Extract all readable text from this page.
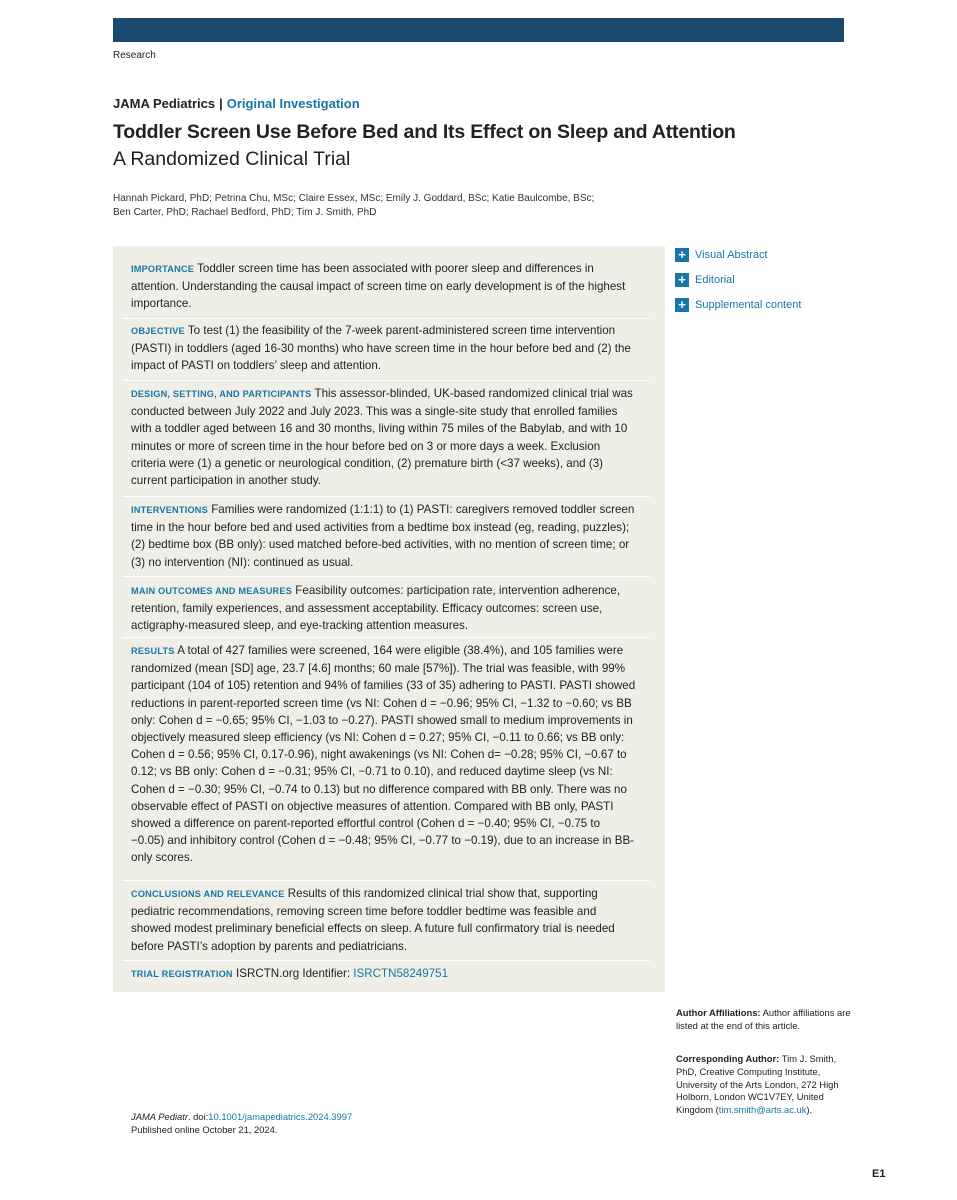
Research
JAMA Pediatrics | Original Investigation
Toddler Screen Use Before Bed and Its Effect on Sleep and Attention
A Randomized Clinical Trial
Hannah Pickard, PhD; Petrina Chu, MSc; Claire Essex, MSc; Emily J. Goddard, BSc; Katie Baulcombe, BSc;
Ben Carter, PhD; Rachael Bedford, PhD; Tim J. Smith, PhD
IMPORTANCE Toddler screen time has been associated with poorer sleep and differences in attention. Understanding the causal impact of screen time on early development is of the highest importance.
OBJECTIVE To test (1) the feasibility of the 7-week parent-administered screen time intervention (PASTI) in toddlers (aged 16-30 months) who have screen time in the hour before bed and (2) the impact of PASTI on toddlers’ sleep and attention.
DESIGN, SETTING, AND PARTICIPANTS This assessor-blinded, UK-based randomized clinical trial was conducted between July 2022 and July 2023. This was a single-site study that enrolled families with a toddler aged between 16 and 30 months, living within 75 miles of the Babylab, and with 10 minutes or more of screen time in the hour before bed on 3 or more days a week. Exclusion criteria were (1) a genetic or neurological condition, (2) premature birth (<37 weeks), and (3) current participation in another study.
INTERVENTIONS Families were randomized (1:1:1) to (1) PASTI: caregivers removed toddler screen time in the hour before bed and used activities from a bedtime box instead (eg, reading, puzzles); (2) bedtime box (BB only): used matched before-bed activities, with no mention of screen time; or (3) no intervention (NI): continued as usual.
MAIN OUTCOMES AND MEASURES Feasibility outcomes: participation rate, intervention adherence, retention, family experiences, and assessment acceptability. Efficacy outcomes: screen use, actigraphy-measured sleep, and eye-tracking attention measures.
RESULTS A total of 427 families were screened, 164 were eligible (38.4%), and 105 families were randomized (mean [SD] age, 23.7 [4.6] months; 60 male [57%]). The trial was feasible, with 99% participant (104 of 105) retention and 94% of families (33 of 35) adhering to PASTI. PASTI showed reductions in parent-reported screen time (vs NI: Cohen d = −0.96; 95% CI, −1.32 to −0.60; vs BB only: Cohen d = −0.65; 95% CI, −1.03 to −0.27). PASTI showed small to medium improvements in objectively measured sleep efficiency (vs NI: Cohen d = 0.27; 95% CI, −0.11 to 0.66; vs BB only: Cohen d = 0.56; 95% CI, 0.17-0.96), night awakenings (vs NI: Cohen d= −0.28; 95% CI, −0.67 to 0.12; vs BB only: Cohen d = −0.31; 95% CI, −0.71 to 0.10), and reduced daytime sleep (vs NI: Cohen d = −0.30; 95% CI, −0.74 to 0.13) but no difference compared with BB only. There was no observable effect of PASTI on objective measures of attention. Compared with BB only, PASTI showed a difference on parent-reported effortful control (Cohen d = −0.40; 95% CI, −0.75 to −0.05) and inhibitory control (Cohen d = −0.48; 95% CI, −0.77 to −0.19), due to an increase in BB-only scores.
CONCLUSIONS AND RELEVANCE Results of this randomized clinical trial show that, supporting pediatric recommendations, removing screen time before toddler bedtime was feasible and showed modest preliminary beneficial effects on sleep. A future full confirmatory trial is needed before PASTI’s adoption by parents and pediatricians.
TRIAL REGISTRATION ISRCTN.org Identifier: ISRCTN58249751
+ Visual Abstract
+ Editorial
+ Supplemental content
Author Affiliations: Author affiliations are listed at the end of this article.
Corresponding Author: Tim J. Smith, PhD, Creative Computing Institute, University of the Arts London, 272 High Holborn, London WC1V7EY, United Kingdom (tim.smith@arts.ac.uk).
JAMA Pediatr. doi:10.1001/jamapediatrics.2024.3997
Published online October 21, 2024.
E1
